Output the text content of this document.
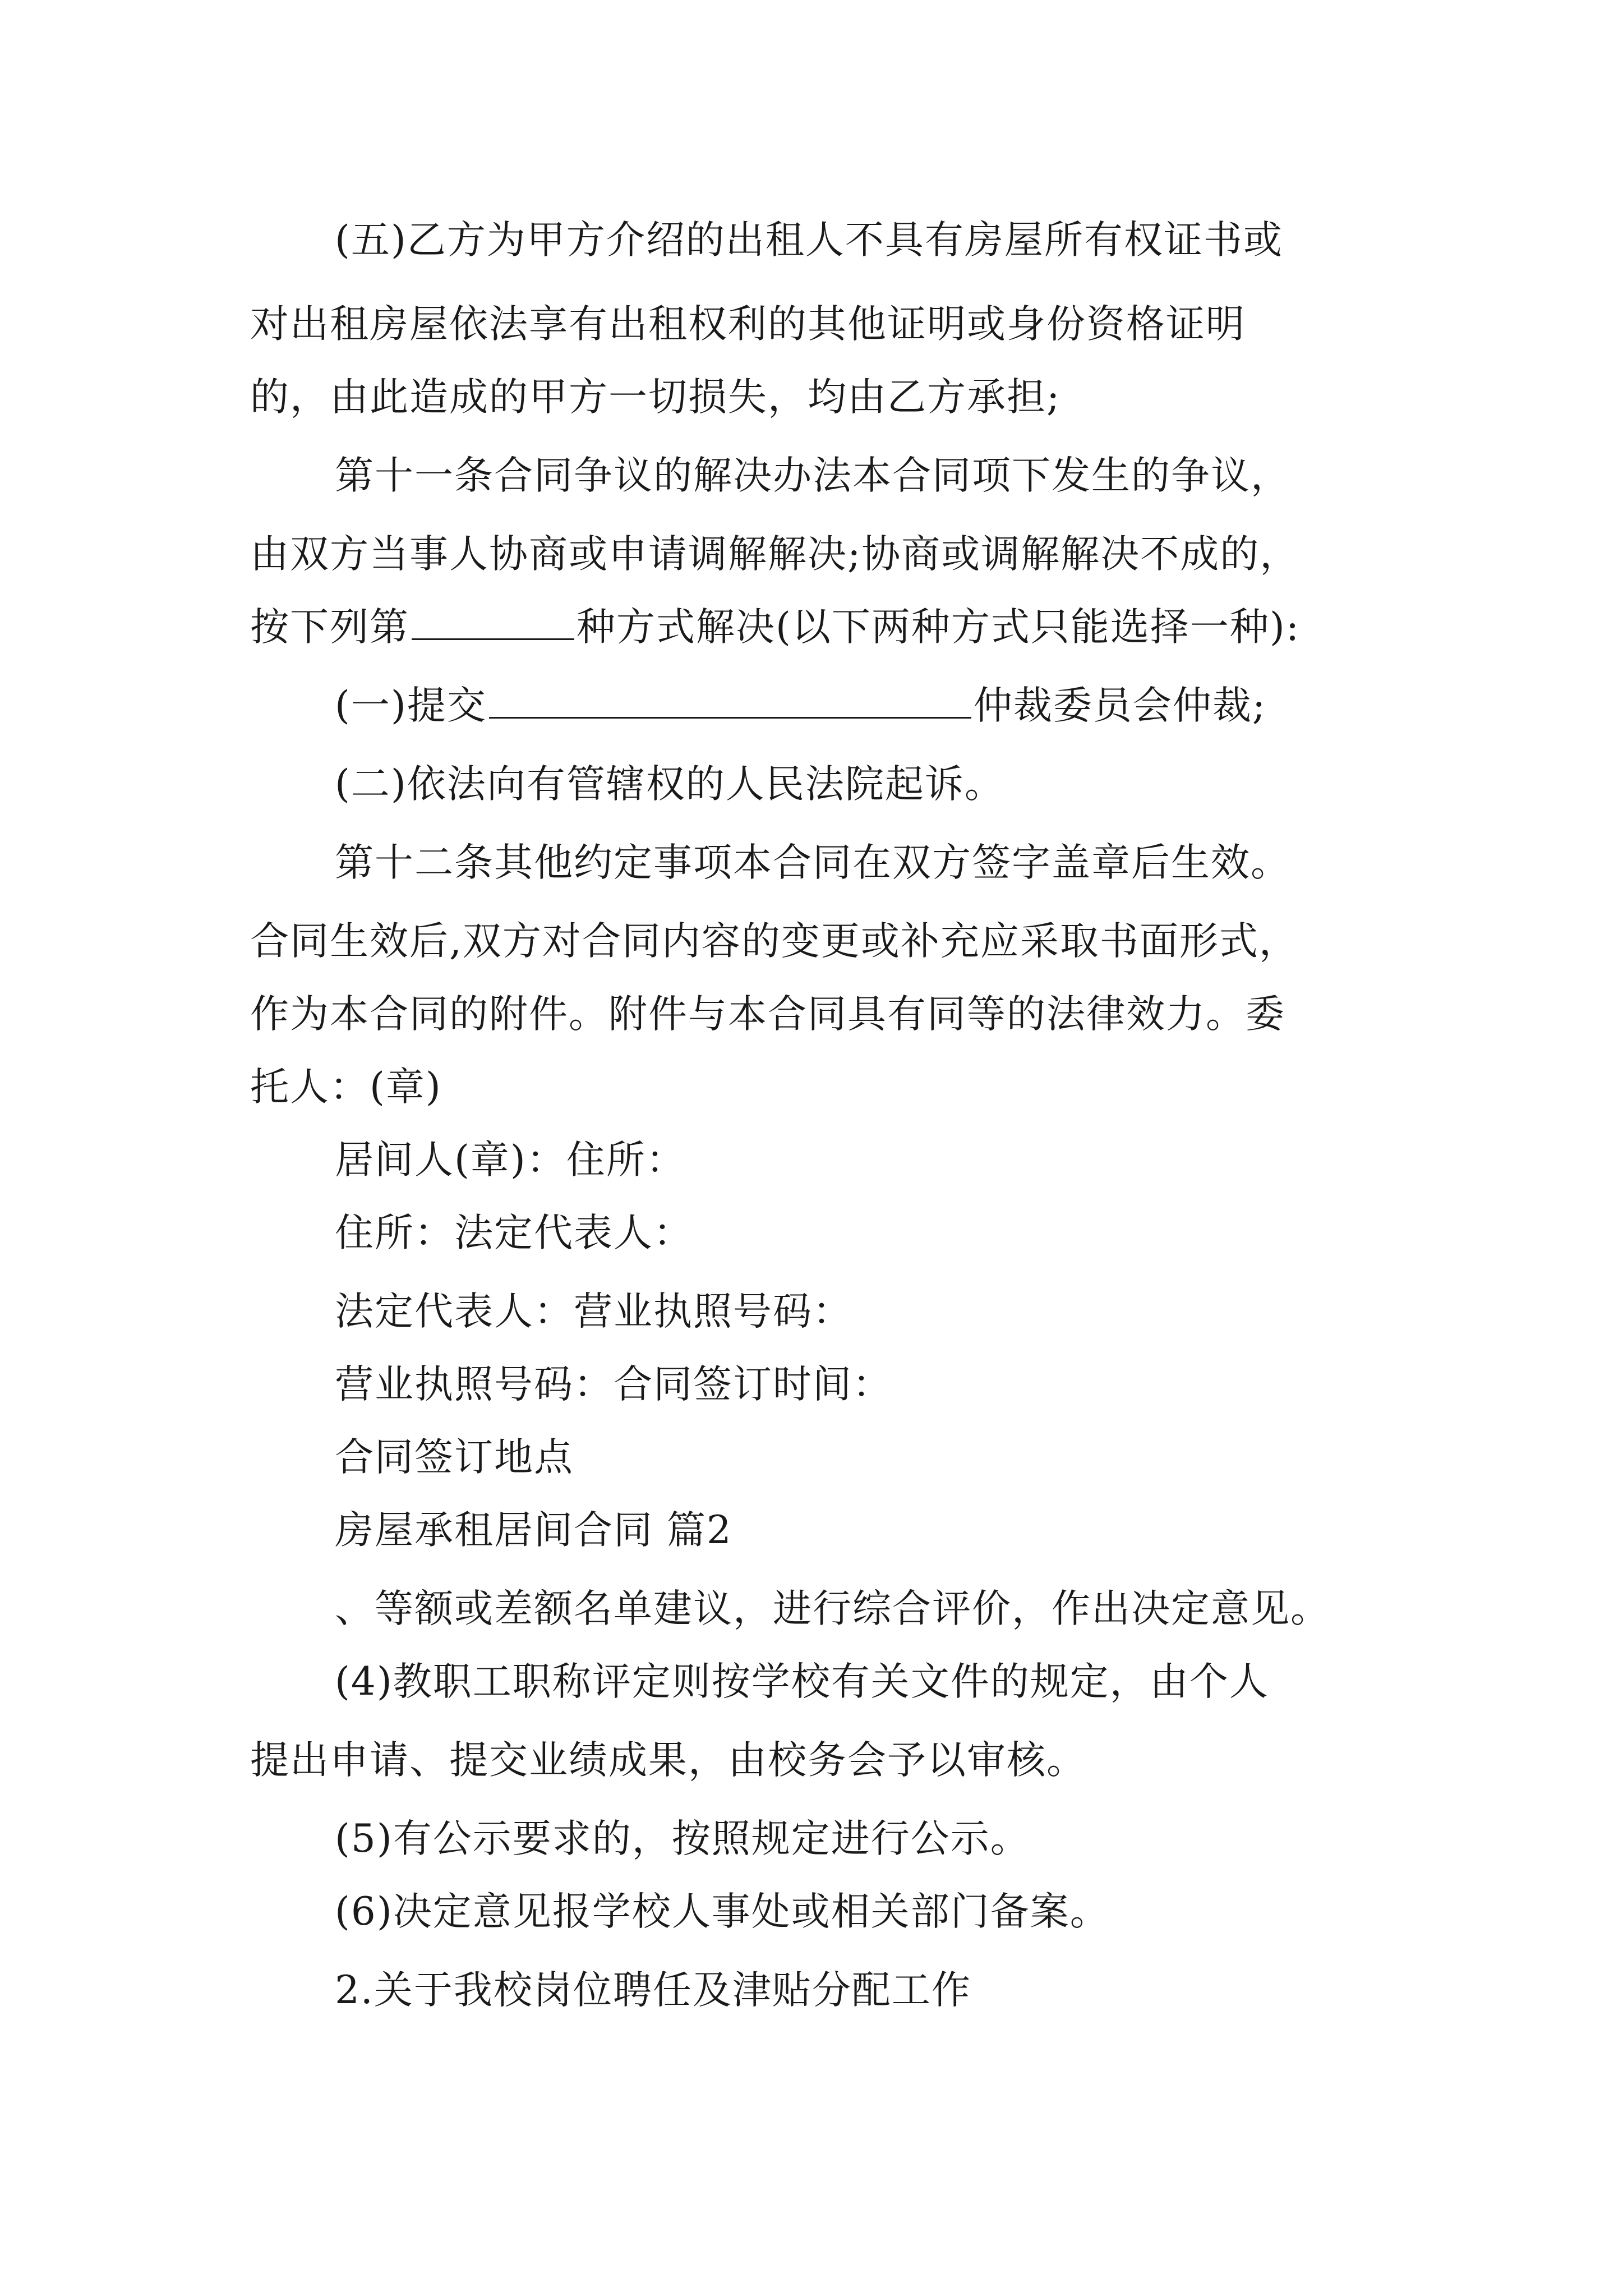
(五)乙方为甲方介绍的出租人不具有房屋所有权证书或
对出租房屋依法享有出租权利的其他证明或身份资格证明
的，由此造成的甲方一切损失，均由乙方承担;
第十一条合同争议的解决办法本合同项下发生的争议，
由双方当事人协商或申请调解解决;协商或调解解决不成的，
按下列第	种方式解决(以下两种方式只能选择一种):
(一)提交	仲裁委员会仲裁;
(二)依法向有管辖权的人民法院起诉。
第十二条其他约定事项本合同在双方签字盖章后生效。
合同生效后,双方对合同内容的变更或补充应采取书面形式，
作为本合同的附件。附件与本合同具有同等的法律效力。委
托人：(章)
居间人(章)：住所：
住所：法定代表人：
法定代表人：营业执照号码：
营业执照号码：合同签订时间：
合同签订地点
房屋承租居间合同 篇2
、等额或差额名单建议，进行综合评价，作出决定意见。
(4)教职工职称评定则按学校有关文件的规定，由个人
提出申请、提交业绩成果，由校务会予以审核。
(5)有公示要求的，按照规定进行公示。
(6)决定意见报学校人事处或相关部门备案。
2.关于我校岗位聘任及津贴分配工作
